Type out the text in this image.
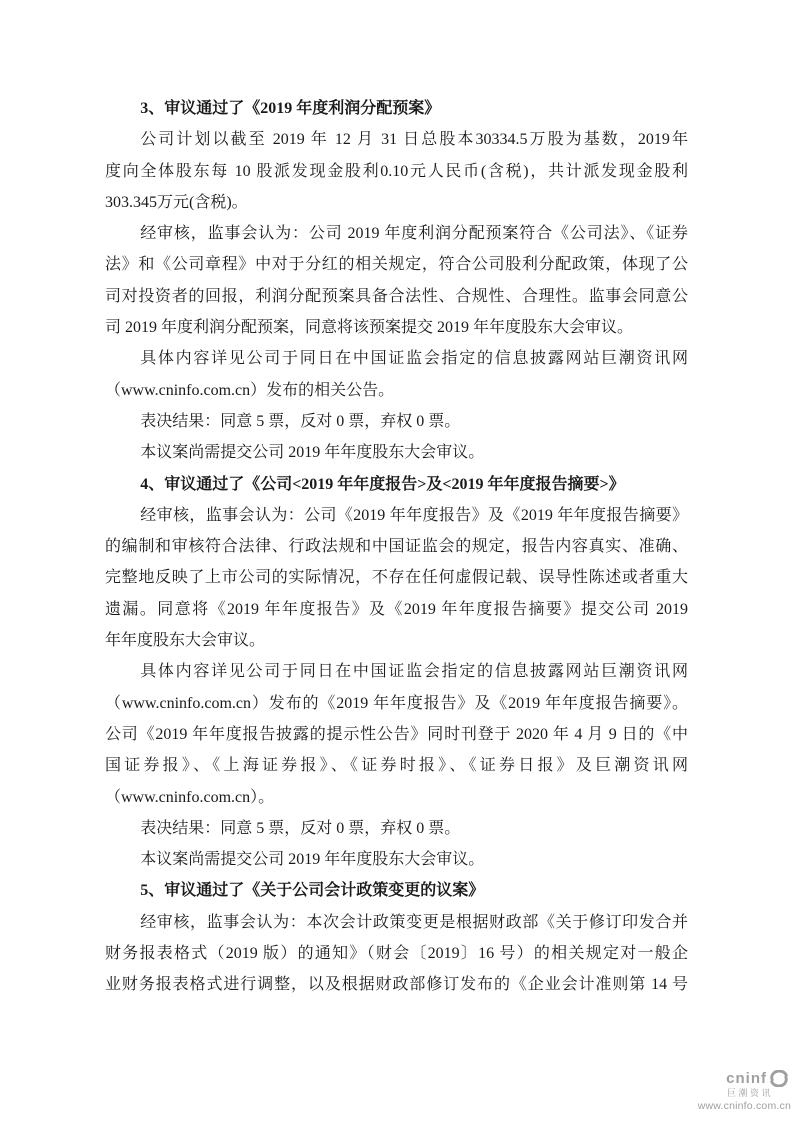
3、审议通过了《2019 年度利润分配预案》
公司计划以截至 2019 年 12 月 31 日总股本30334.5万股为基数，2019年
度向全体股东每 10 股派发现金股利0.10元人民币(含税)，共计派发现金股利
303.345万元(含税)。
经审核，监事会认为：公司 2019 年度利润分配预案符合《公司法》、《证券
法》和《公司章程》中对于分红的相关规定，符合公司股利分配政策，体现了公
司对投资者的回报，利润分配预案具备合法性、合规性、合理性。监事会同意公
司 2019 年度利润分配预案，同意将该预案提交 2019 年年度股东大会审议。
具体内容详见公司于同日在中国证监会指定的信息披露网站巨潮资讯网
（www.cninfo.com.cn）发布的相关公告。
表决结果：同意 5 票，反对 0 票，弃权 0 票。
本议案尚需提交公司 2019 年年度股东大会审议。
4、审议通过了《公司<2019 年年度报告>及<2019 年年度报告摘要>》
经审核，监事会认为：公司《2019 年年度报告》及《2019 年年度报告摘要》
的编制和审核符合法律、行政法规和中国证监会的规定，报告内容真实、准确、
完整地反映了上市公司的实际情况，不存在任何虚假记载、误导性陈述或者重大
遗漏。同意将《2019 年年度报告》及《2019 年年度报告摘要》提交公司 2019
年年度股东大会审议。
具体内容详见公司于同日在中国证监会指定的信息披露网站巨潮资讯网
（www.cninfo.com.cn）发布的《2019 年年度报告》及《2019 年年度报告摘要》。
公司《2019 年年度报告披露的提示性公告》同时刊登于 2020 年 4 月 9 日的《中
国证券报》、《上海证券报》、《证券时报》、《证券日报》及巨潮资讯网
（www.cninfo.com.cn）。
表决结果：同意 5 票，反对 0 票，弃权 0 票。
本议案尚需提交公司 2019 年年度股东大会审议。
5、审议通过了《关于公司会计政策变更的议案》
经审核，监事会认为：本次会计政策变更是根据财政部《关于修订印发合并
财务报表格式（2019 版）的通知》（财会〔2019〕16 号）的相关规定对一般企
业财务报表格式进行调整，以及根据财政部修订发布的《企业会计准则第 14 号
cninf
巨潮资讯
www.cninfo.com.cn
